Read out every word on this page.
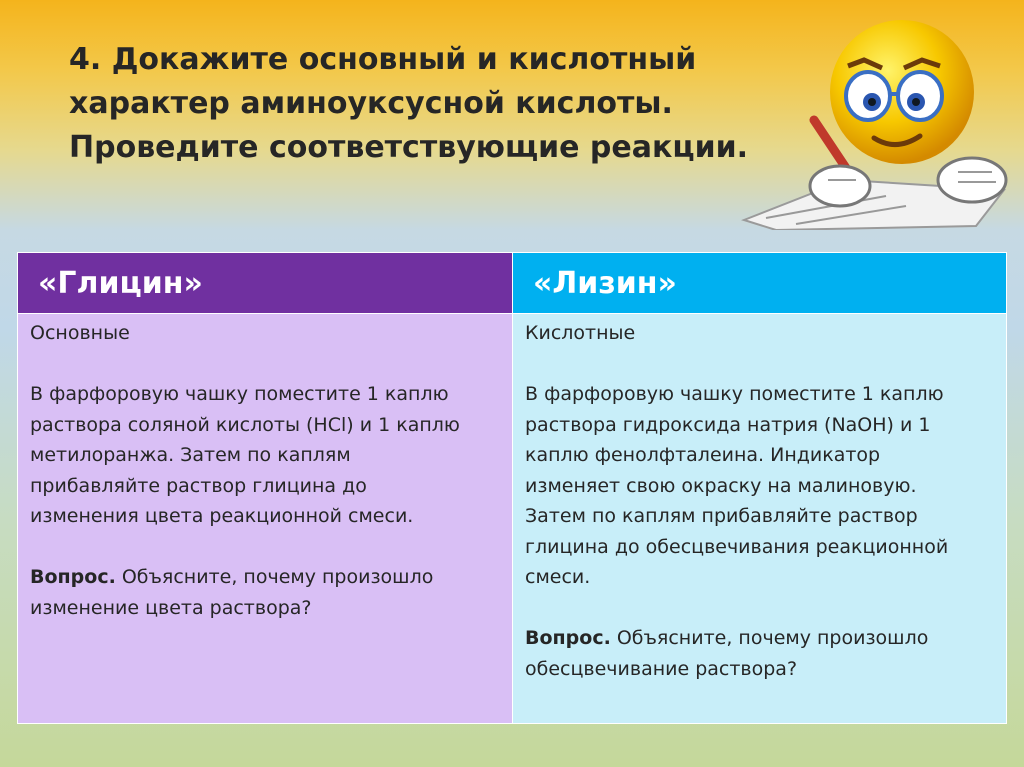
4. Докажите основный и кислотный
характер аминоуксусной кислоты.
Проведите соответствующие реакции.
«Глицин»	«Лизин»

Основные

В фарфоровую чашку поместите 1 каплю

раствора соляной кислоты (HCl) и 1 каплю

метилоранжа. Затем по каплям

прибавляйте раствор глицина до

изменения цвета реакционной смеси.

Вопрос. Объясните, почему произошло

изменение цвета раствора?

Кислотные

В фарфоровую чашку поместите 1 каплю

раствора гидроксида натрия (NaOH) и 1

каплю фенолфталеина. Индикатор

изменяет свою окраску на малиновую.

Затем по каплям прибавляйте раствор

глицина до обесцвечивания реакционной

смеси.

Вопрос. Объясните, почему произошло

обесцвечивание раствора?
